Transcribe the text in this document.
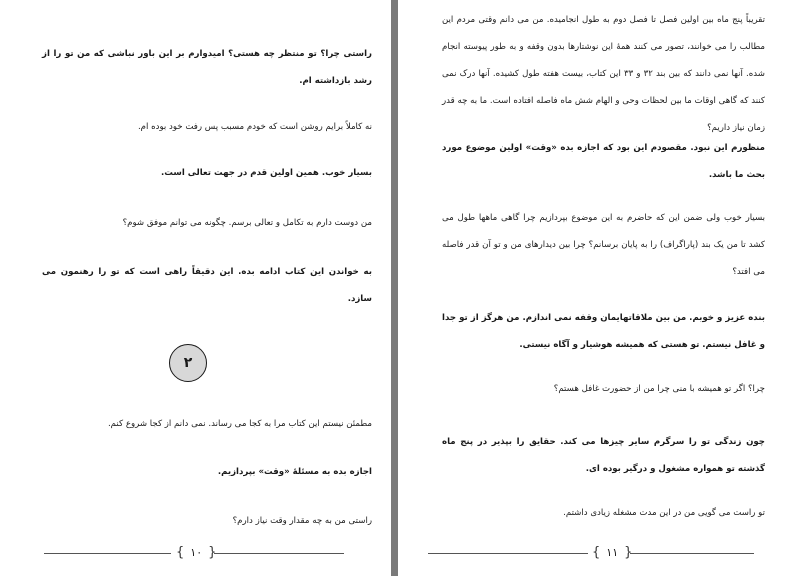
راستی چرا؟ تو منتظر چه هستی؟ امیدوارم بر این باور نباشی که من تو را از رشد بازداشته ام.

نه کاملاً برایم روشن است که خودم مسبب پس رفت خود بوده ام.

بسیار خوب. همین اولین قدم در جهت تعالی است.

من دوست دارم به تکامل و تعالی برسم. چگونه می توانم موفق شوم؟

به خواندن این کتاب ادامه بده. این دقیقاً راهی است که تو را رهنمون می سازد.

۲

مطمئن نیستم این کتاب مرا به کجا می رساند. نمی دانم از کجا شروع کنم.

اجازه بده به مسئلهٔ «وقت» بپردازیم.

راستی من به چه مقدار وقت نیاز دارم؟

{ ۱۰ }

تقریباً پنج ماه بین اولین فصل تا فصل دوم به طول انجامیده. من می دانم وقتی مردم این مطالب را می خوانند، تصور می کنند همهٔ این نوشتارها بدون وقفه و به طور پیوسته انجام شده. آنها نمی دانند که بین بند ۳۲ و ۳۳ این کتاب، بیست هفته طول کشیده. آنها درک نمی کنند که گاهی اوقات ما بین لحظات وحی و الهام شش ماه فاصله افتاده است. ما به چه قدر زمان نیاز داریم؟

منظورم این نبود. مقصودم این بود که اجازه بده «وقت» اولین موضوع مورد بحث ما باشد.

بسیار خوب ولی ضمن این که حاضرم به این موضوع بپردازیم چرا گاهی ماهها طول می کشد تا من یک بند (پاراگراف) را به پایان برسانم؟ چرا بین دیدارهای من و تو آن قدر فاصله می افتد؟

بنده عزیز و خوبم. من بین ملاقاتهایمان وقفه نمی اندازم. من هرگز از تو جدا و غافل نیستم. تو هستی که همیشه هوشیار و آگاه نیستی.

چرا؟ اگر تو همیشه با منی چرا من از حضورت غافل هستم؟

چون زندگی تو را سرگرم سایر چیزها می کند. حقایق را بپذیر در پنج ماه گذشته تو همواره مشغول و درگیر بوده ای.

تو راست می گویی من در این مدت مشغله زیادی داشتم.

{ ۱۱ }
